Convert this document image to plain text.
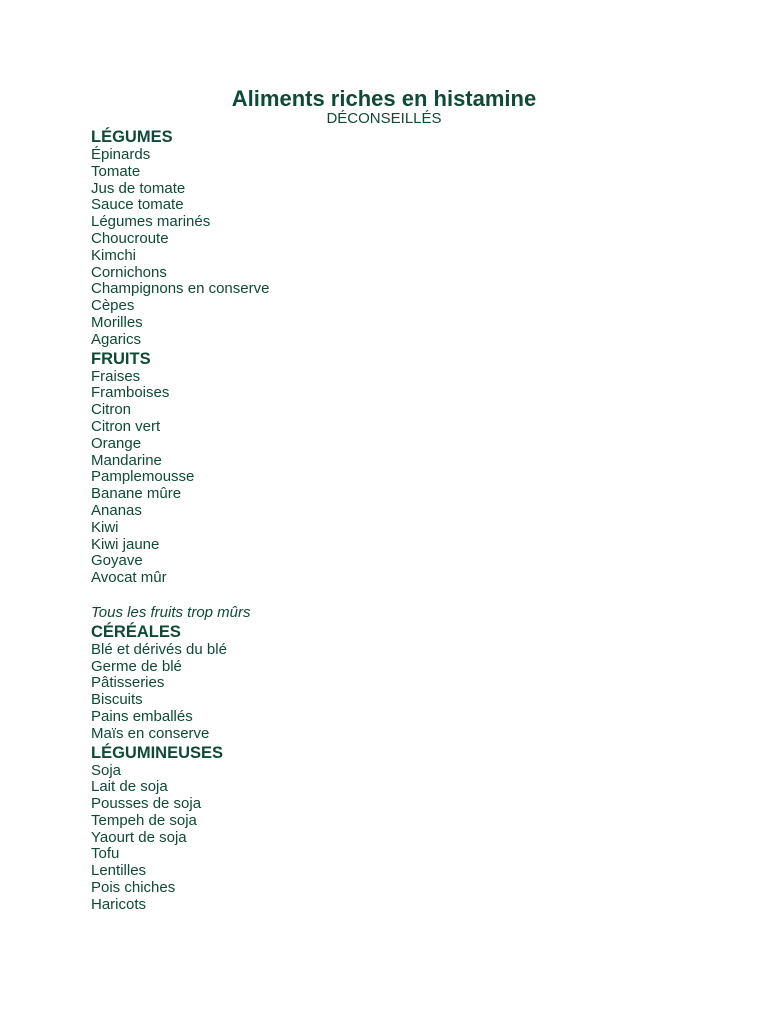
Aliments riches en histamine
DÉCONSEILLÉS
LÉGUMES
Épinards
Tomate
Jus de tomate
Sauce tomate
Légumes marinés
Choucroute
Kimchi
Cornichons
Champignons en conserve
Cèpes
Morilles
Agarics
FRUITS
Fraises
Framboises
Citron
Citron vert
Orange
Mandarine
Pamplemousse
Banane mûre
Ananas
Kiwi
Kiwi jaune
Goyave
Avocat mûr
Tous les fruits trop mûrs
CÉRÉALES
Blé et dérivés du blé
Germe de blé
Pâtisseries
Biscuits
Pains emballés
Maïs en conserve
LÉGUMINEUSES
Soja
Lait de soja
Pousses de soja
Tempeh de soja
Yaourt de soja
Tofu
Lentilles
Pois chiches
Haricots
